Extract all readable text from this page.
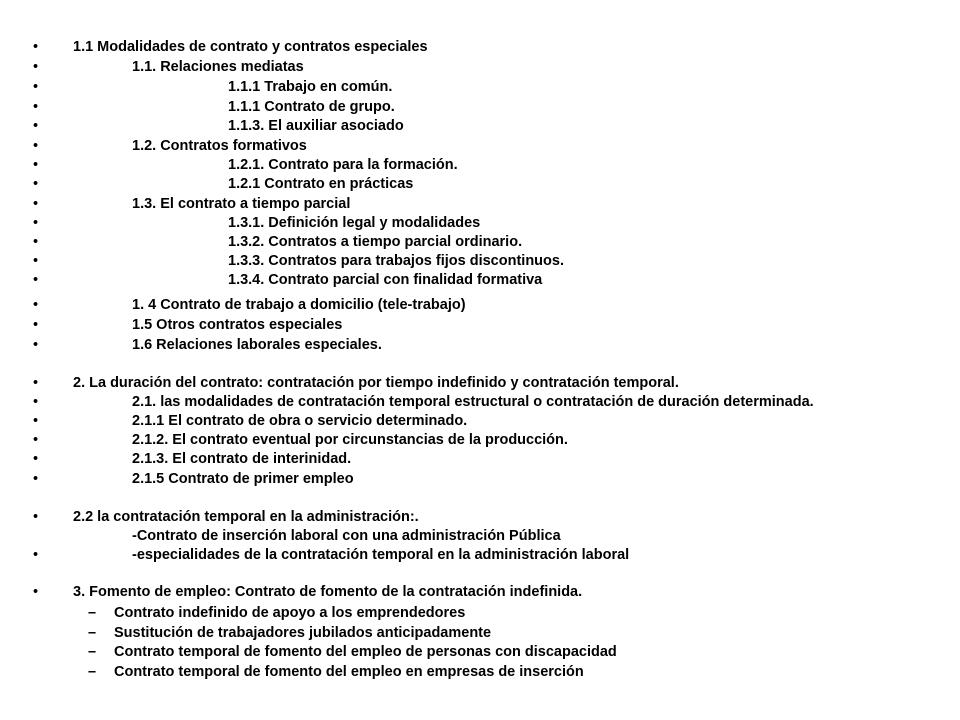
• 1.1 Modalidades de contrato y contratos especiales
•	1.1. Relaciones mediatas
•	1.1.1 Trabajo en común.
•	1.1.1 Contrato de grupo.
•	1.1.3. El auxiliar asociado
•	1.2. Contratos formativos
•	1.2.1. Contrato para la formación.
•	1.2.1 Contrato en prácticas
•	1.3. El contrato a tiempo parcial
•	1.3.1. Definición legal y modalidades
•	1.3.2. Contratos a tiempo parcial ordinario.
•	1.3.3. Contratos para trabajos fijos discontinuos.
•	1.3.4. Contrato parcial con finalidad formativa
•	1. 4 Contrato de trabajo a domicilio (tele-trabajo)
•	1.5 Otros contratos especiales
•	1.6 Relaciones laborales especiales.
• 2. La duración del contrato: contratación por tiempo indefinido y contratación temporal.
•	2.1. las modalidades de contratación temporal estructural o contratación de duración determinada.
•	2.1.1 El contrato de obra o servicio determinado.
•	2.1.2. El contrato eventual por circunstancias de la producción.
•	2.1.3. El contrato de interinidad.
•	2.1.5 Contrato de primer empleo
• 2.2 la contratación temporal en la administración:.
-Contrato de inserción laboral con una administración Pública
•	-especialidades de la contratación temporal en la administración laboral
• 3. Fomento de empleo: Contrato de fomento de la contratación indefinida.
– Contrato indefinido de apoyo a los emprendedores
– Sustitución de trabajadores jubilados anticipadamente
– Contrato temporal de fomento del empleo de personas con discapacidad
– Contrato temporal de fomento del empleo en empresas de inserción
